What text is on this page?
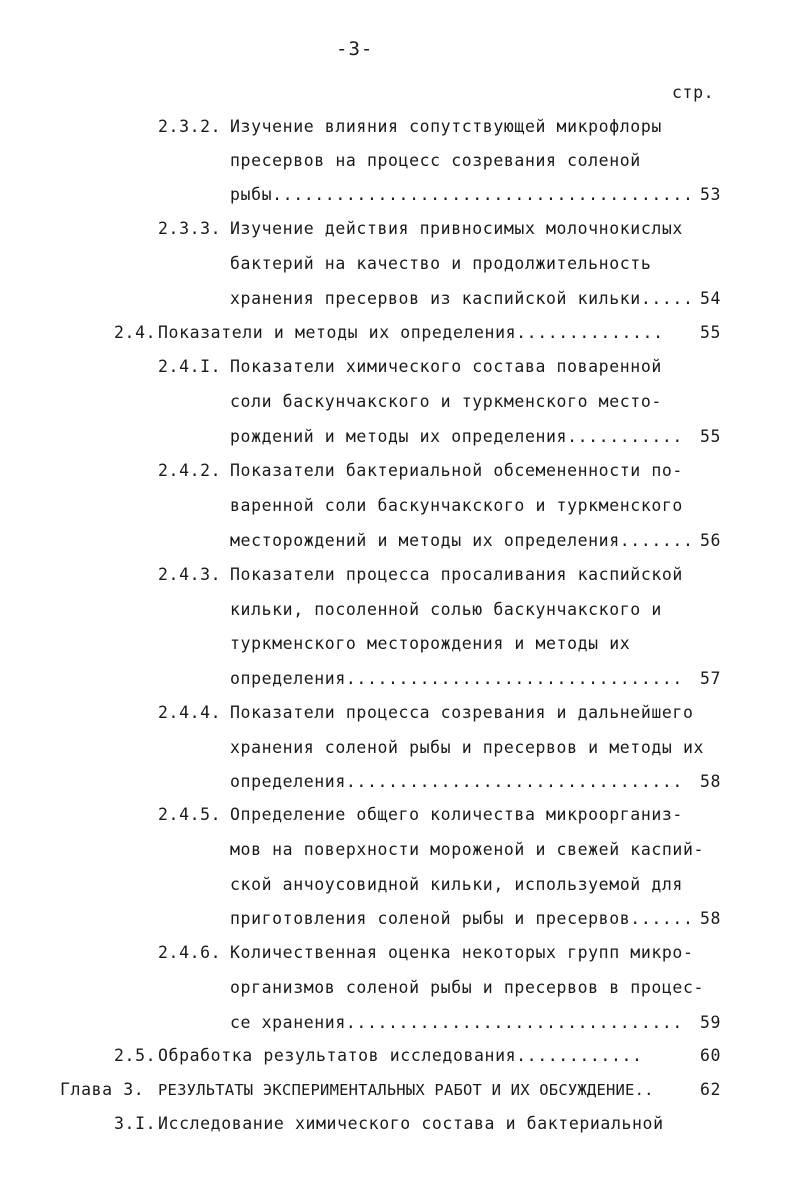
-3-
стр.
2.3.2. Изучение влияния сопутствующей микрофлоры
пресервов на процесс созревания соленой
рыбы........................................ 53
2.3.3. Изучение действия привносимых молочнокислых
бактерий на качество и продолжительность
хранения пресервов из каспийской кильки..... 54
2.4. Показатели и методы их определения.............. 55
2.4.I. Показатели химического состава поваренной
соли баскунчакского и туркменского место-
рождений и методы их определения........... 55
2.4.2. Показатели бактериальной обсемененности по-
варенной соли баскунчакского и туркменского
месторождений и методы их определения....... 56
2.4.3. Показатели процесса просаливания каспийской
кильки, посоленной солью баскунчакского и
туркменского месторождения и методы их
определения................................ 57
2.4.4. Показатели процесса созревания и дальнейшего
хранения соленой рыбы и пресервов и методы их
определения................................ 58
2.4.5. Определение общего количества микроорганиз-
мов на поверхности мороженой и свежей каспий-
ской анчоусовидной кильки, используемой для
приготовления соленой рыбы и пресервов...... 58
2.4.6. Количественная оценка некоторых групп микро-
организмов соленой рыбы и пресервов в процес-
се хранения................................ 59
2.5. Обработка результатов исследования............	60
Глава 3. РЕЗУЛЬТАТЫ ЭКСПЕРИМЕНТАЛЬНЫХ РАБОТ И ИХ ОБСУЖДЕНИЕ..	62
3.I. Исследование химического состава и бактериальной
